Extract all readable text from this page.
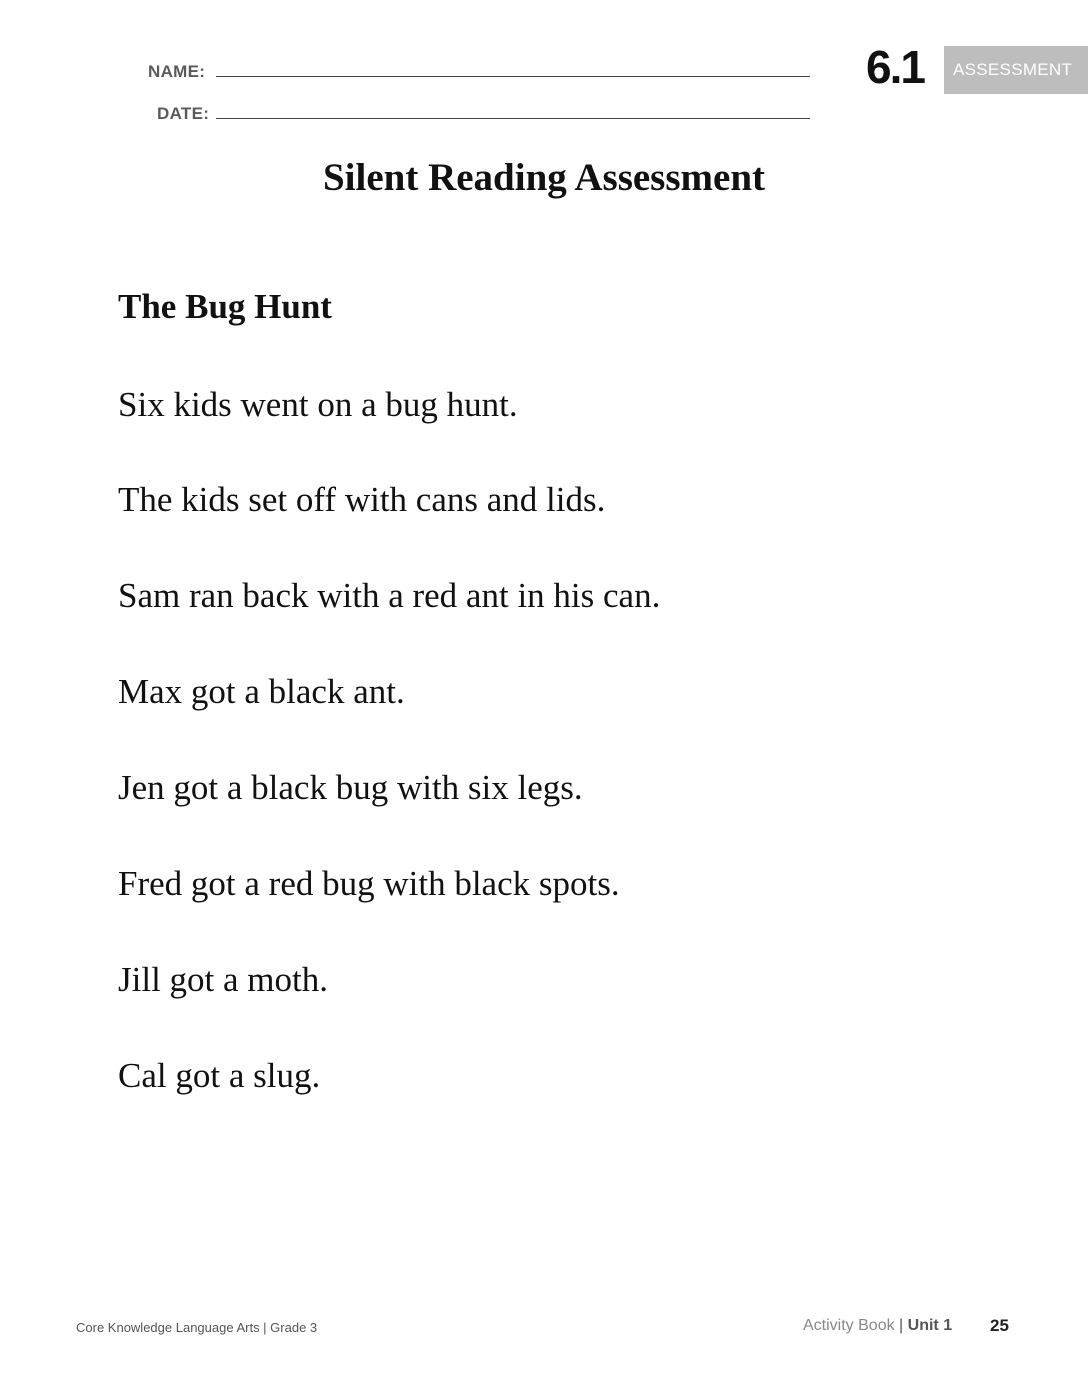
NAME:
DATE:
6.1	ASSESSMENT
Silent Reading Assessment
The Bug Hunt
Six kids went on a bug hunt.
The kids set off with cans and lids.
Sam ran back with a red ant in his can.
Max got a black ant.
Jen got a black bug with six legs.
Fred got a red bug with black spots.
Jill got a moth.
Cal got a slug.
Core Knowledge Language Arts | Grade 3	Activity Book | Unit 1 25
